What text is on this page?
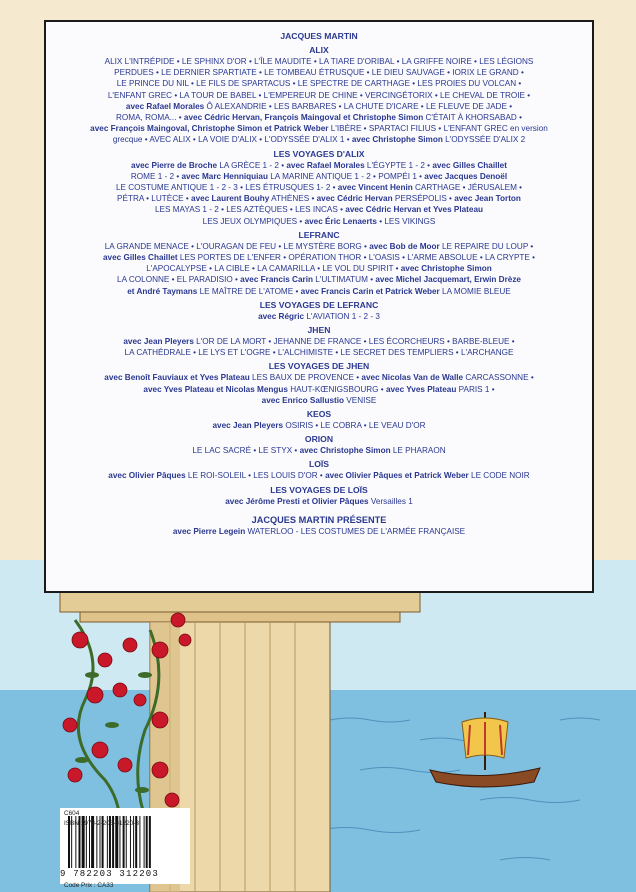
JACQUES MARTIN
ALIX

ALIX L'INTRÉPIDE • LE SPHINX D'OR • L'ÎLE MAUDITE • LA TIARE D'ORIBAL • LA GRIFFE NOIRE • LES LÉGIONS

PERDUES • LE DERNIER SPARTIATE • LE TOMBEAU ÉTRUSQUE • LE DIEU SAUVAGE • IORIX LE GRAND •

LE PRINCE DU NIL • LE FILS DE SPARTACUS • LE SPECTRE DE CARTHAGE • LES PROIES DU VOLCAN •

L'ENFANT GREC • LA TOUR DE BABEL • L'EMPEREUR DE CHINE • VERCINGÉTORIX • LE CHEVAL DE TROIE •

avec Rafael Morales Ô ALEXANDRIE • LES BARBARES • LA CHUTE D'ICARE • LE FLEUVE DE JADE •

ROMA, ROMA... • avec Cédric Hervan, François Maingoval et Christophe Simon C'ÉTAIT À KHORSABAD •

avec François Maingoval, Christophe Simon et Patrick Weber L'IBÈRE • SPARTACI FILIUS • L'ENFANT GREC en version

grecque • AVEC ALIX • LA VOIE D'ALIX • L'ODYSSÉE D'ALIX 1 • avec Christophe Simon L'ODYSSÉE D'ALIX 2

LES VOYAGES D'ALIX

avec Pierre de Broche LA GRÈCE 1 - 2 • avec Rafael Morales L'ÉGYPTE 1 - 2 • avec Gilles Chaillet

ROME 1 - 2 • avec Marc Henniquiau LA MARINE ANTIQUE 1 - 2 • POMPÉI 1 • avec Jacques Denoël

LE COSTUME ANTIQUE 1 - 2 - 3 • LES ÉTRUSQUES 1- 2 • avec Vincent Henin CARTHAGE • JÉRUSALEM •

PÉTRA • LUTÈCE • avec Laurent Bouhy ATHÈNES • avec Cédric Hervan PERSÉPOLIS • avec Jean Torton

LES MAYAS 1 - 2 • LES AZTÈQUES • LES INCAS • avec Cédric Hervan et Yves Plateau

LES JEUX OLYMPIQUES • avec Éric Lenaerts • LES VIKINGS

LEFRANC

LA GRANDE MENACE • L'OURAGAN DE FEU • LE MYSTÈRE BORG • avec Bob de Moor LE REPAIRE DU LOUP •

avec Gilles Chaillet LES PORTES DE L'ENFER • OPÉRATION THOR • L'OASIS • L'ARME ABSOLUE • LA CRYPTE •

L'APOCALYPSE • LA CIBLE • LA CAMARILLA • LE VOL DU SPIRIT • avec Christophe Simon

LA COLONNE • EL PARADISIO • avec Francis Carin L'ULTIMATUM • avec Michel Jacquemart, Erwin Drèze

et André Taymans LE MAÎTRE DE L'ATOME • avec Francis Carin et Patrick Weber LA MOMIE BLEUE

LES VOYAGES DE LEFRANC

avec Régric L'AVIATION 1 - 2 - 3

JHEN

avec Jean Pleyers L'OR DE LA MORT • JEHANNE DE FRANCE • LES ÉCORCHEURS • BARBE-BLEUE •

LA CATHÉDRALE • LE LYS ET L'OGRE • L'ALCHIMISTE • LE SECRET DES TEMPLIERS • L'ARCHANGE

LES VOYAGES DE JHEN

avec Benoît Fauviaux et Yves Plateau LES BAUX DE PROVENCE • avec Nicolas Van de Walle CARCASSONNE •

avec Yves Plateau et Nicolas Mengus HAUT-KŒNIGSBOURG • avec Yves Plateau PARIS 1 •

avec Enrico Sallustio VENISE

KEOS

avec Jean Pleyers OSIRIS • LE COBRA • LE VEAU D'OR

ORION

LE LAC SACRÉ • LE STYX • avec Christophe Simon LE PHARAON

LOÏS

avec Olivier Pâques LE ROI-SOLEIL • LES LOUIS D'OR • avec Olivier Pâques et Patrick Weber LE CODE NOIR

LES VOYAGES DE LOÏS

avec Jérôme Presti et Olivier Pâques Versailles 1

JACQUES MARTIN PRÉSENTE

avec Pierre Legein WATERLOO - LES COSTUMES DE L'ARMÉE FRANÇAISE

C604
ISBN : 978-2-203-31220-3
9 782203 312203
Code Prix : CA33
